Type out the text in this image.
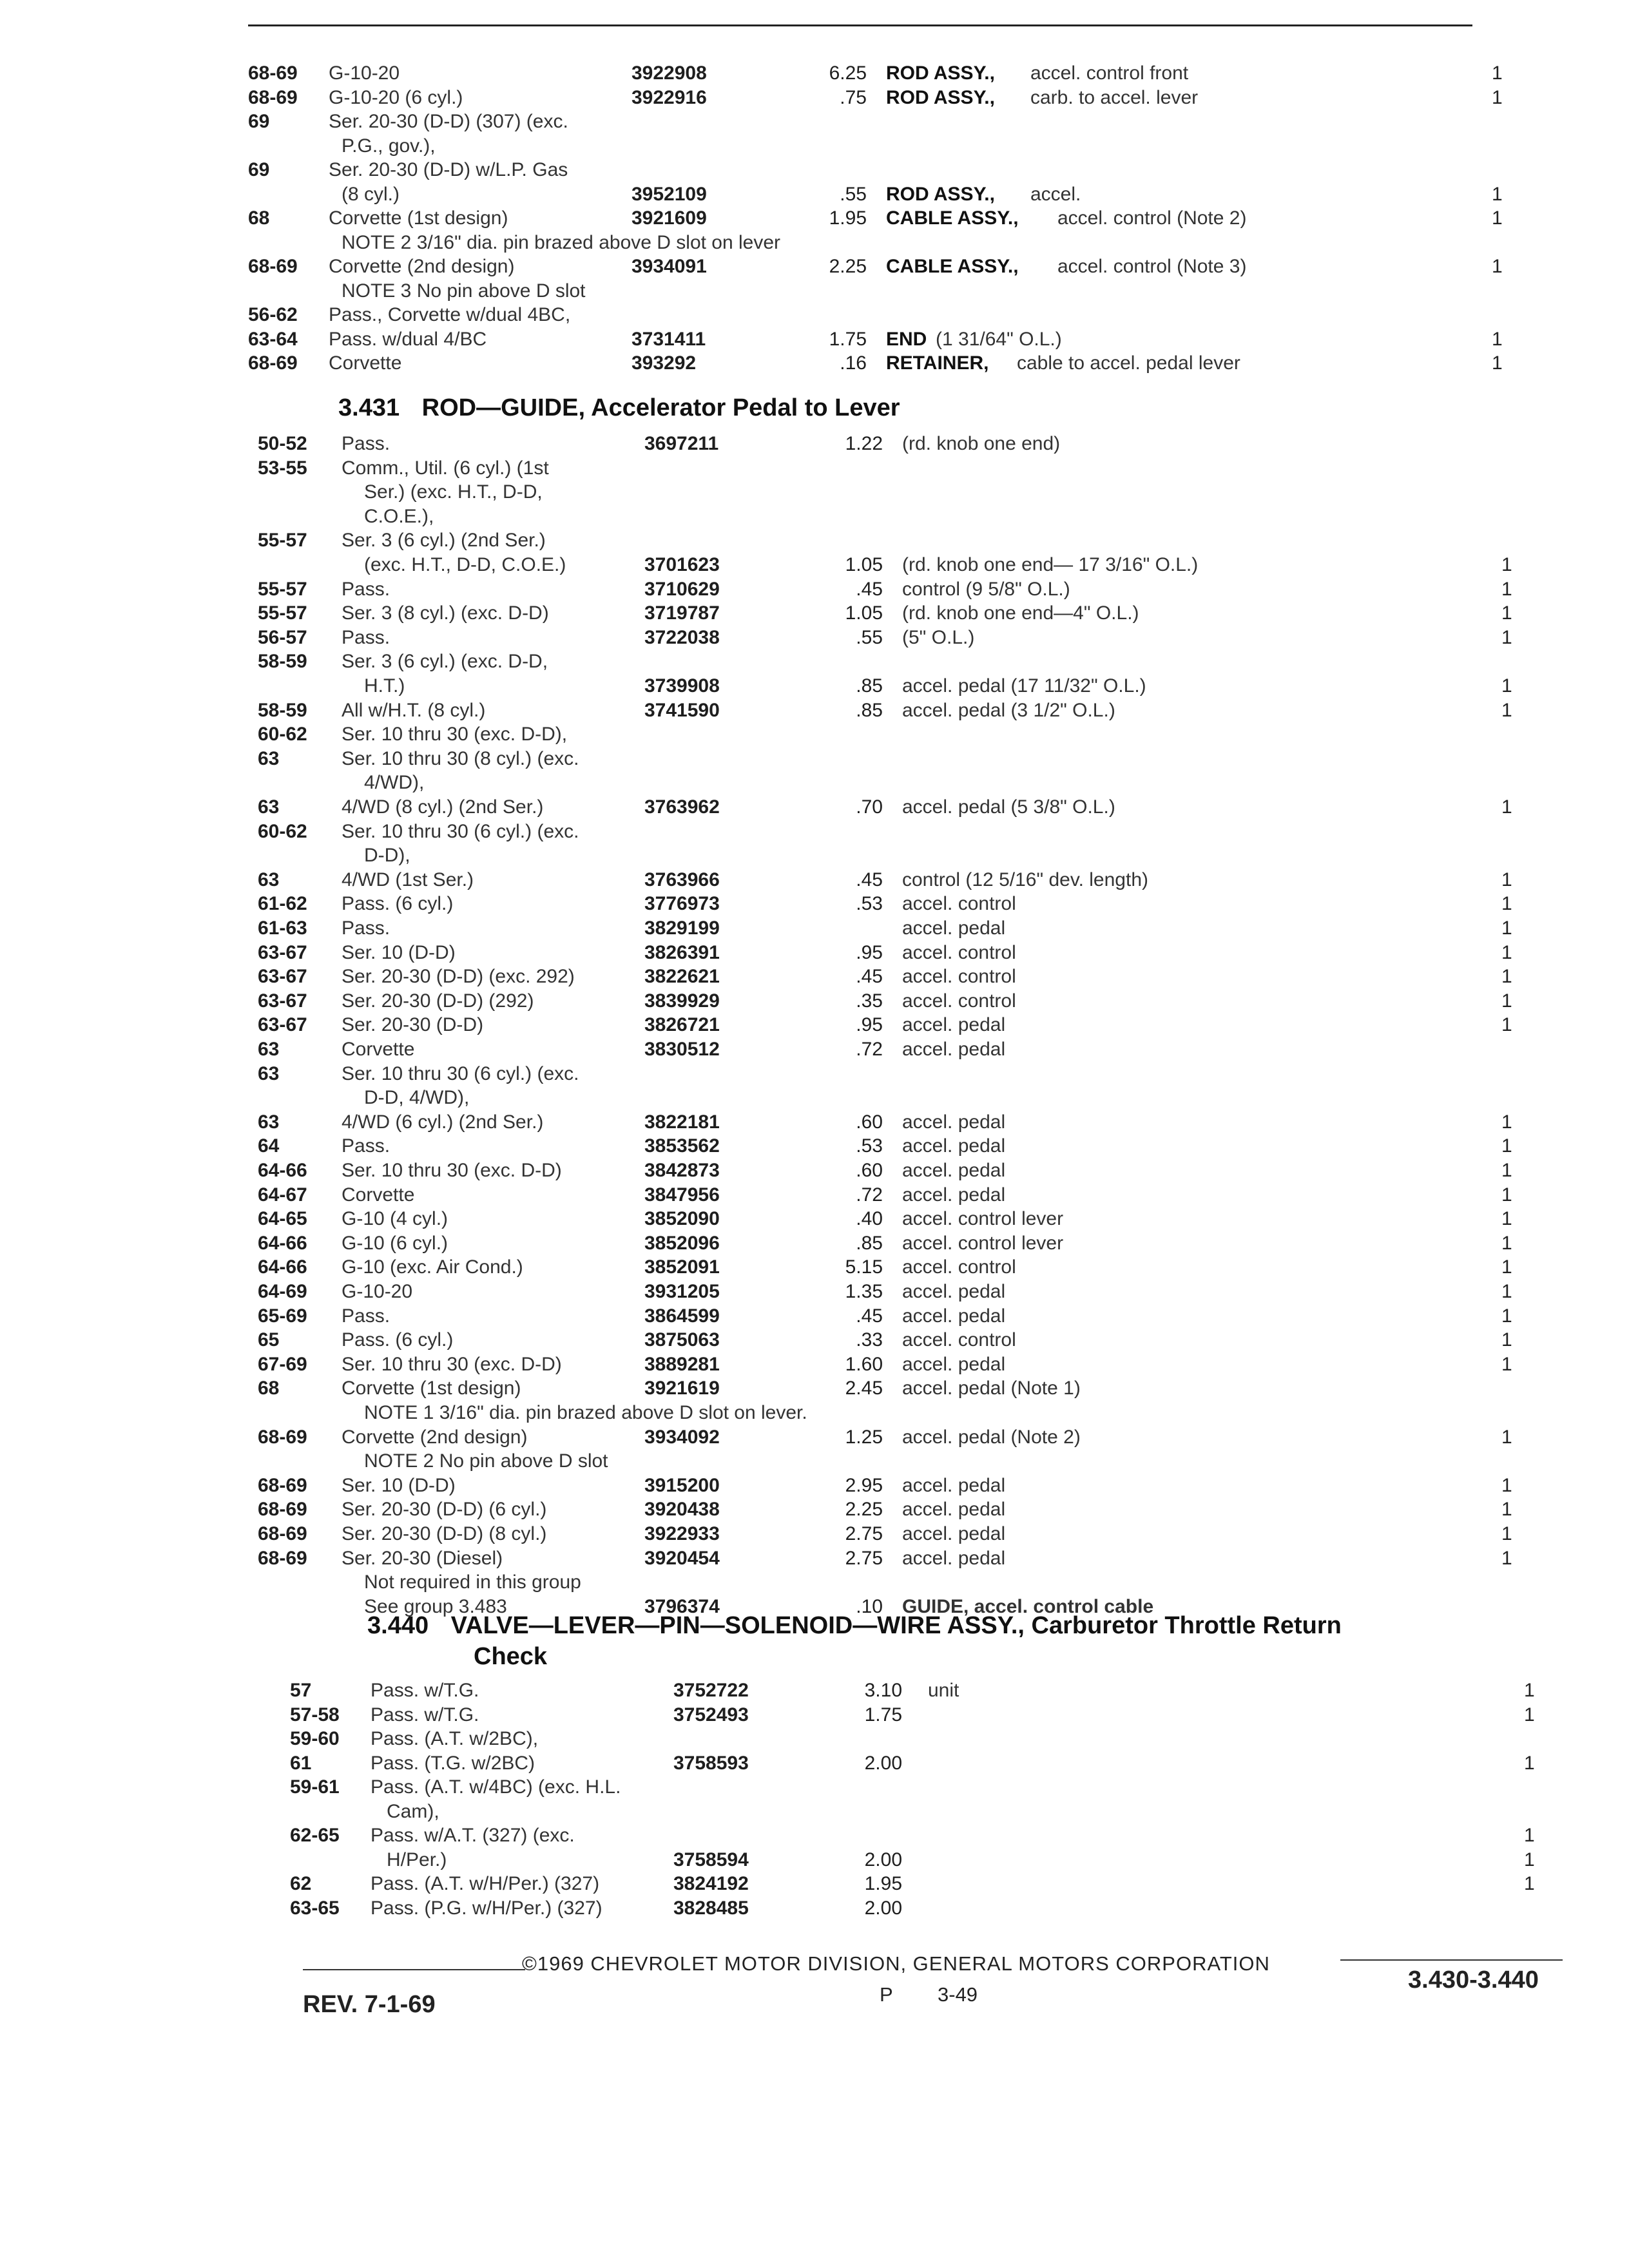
68-69 G-10-20	3922908	6.25 ROD ASSY., accel. control front	1
68-69 G-10-20 (6 cyl.)	3922916	.75 ROD ASSY., carb. to accel. lever	1
69	Ser. 20-30 (D-D) (307) (exc.
P.G., gov.),
69	Ser. 20-30 (D-D) w/L.P. Gas
(8 cyl.)	3952109	.55 ROD ASSY., accel.	1
68	Corvette (1st design)	3921609	1.95 CABLE ASSY., accel. control (Note 2)	1
NOTE 2 3/16" dia. pin brazed above D slot on lever
68-69 Corvette (2nd design)	3934091	2.25 CABLE ASSY., accel. control (Note 3)	1
NOTE 3 No pin above D slot
56-62 Pass., Corvette w/dual 4BC,
63-64 Pass. w/dual 4/BC	3731411	1.75 END (1 31/64" O.L.)	1
68-69 Corvette	393292	.16 RETAINER, cable to accel. pedal lever	1
3.431 ROD—GUIDE, Accelerator Pedal to Lever
50-52 Pass.	3697211	1.22 (rd. knob one end)
53-55 Comm., Util. (6 cyl.) (1st
Ser.) (exc. H.T., D-D,
C.O.E.),
55-57 Ser. 3 (6 cyl.) (2nd Ser.)
(exc. H.T., D-D, C.O.E.)	3701623	1.05 (rd. knob one end— 17 3/16" O.L.)	1
55-57 Pass.	3710629	.45 control (9 5/8" O.L.)	1
55-57 Ser. 3 (8 cyl.) (exc. D-D)	3719787	1.05 (rd. knob one end—4" O.L.)	1
56-57 Pass.	3722038	.55 (5" O.L.)	1
58-59 Ser. 3 (6 cyl.) (exc. D-D,
H.T.)	3739908	.85 accel. pedal (17 11/32" O.L.)	1
58-59 All w/H.T. (8 cyl.)	3741590	.85 accel. pedal (3 1/2" O.L.)	1
60-62 Ser. 10 thru 30 (exc. D-D),
63	Ser. 10 thru 30 (8 cyl.) (exc.
4/WD),
63	4/WD (8 cyl.) (2nd Ser.)	3763962	.70 accel. pedal (5 3/8" O.L.)	1
60-62 Ser. 10 thru 30 (6 cyl.) (exc.
D-D),
63	4/WD (1st Ser.)	3763966	.45 control (12 5/16" dev. length)	1
61-62 Pass. (6 cyl.)	3776973	.53 accel. control	1
61-63 Pass.	3829199	accel. pedal	1
63-67 Ser. 10 (D-D)	3826391	.95 accel. control	1
63-67 Ser. 20-30 (D-D) (exc. 292)	3822621	.45 accel. control	1
63-67 Ser. 20-30 (D-D) (292)	3839929	.35 accel. control	1
63-67 Ser. 20-30 (D-D)	3826721	.95 accel. pedal	1
63	Corvette	3830512	.72 accel. pedal
63	Ser. 10 thru 30 (6 cyl.) (exc.
D-D, 4/WD),
63	4/WD (6 cyl.) (2nd Ser.)	3822181	.60 accel. pedal	1
64	Pass.	3853562	.53 accel. pedal	1
64-66 Ser. 10 thru 30 (exc. D-D)	3842873	.60 accel. pedal	1
64-67 Corvette	3847956	.72 accel. pedal	1
64-65 G-10 (4 cyl.)	3852090	.40 accel. control lever	1
64-66 G-10 (6 cyl.)	3852096	.85 accel. control lever	1
64-66 G-10 (exc. Air Cond.)	3852091	5.15 accel. control	1
64-69 G-10-20	3931205	1.35 accel. pedal	1
65-69 Pass.	3864599	.45 accel. pedal	1
65	Pass. (6 cyl.)	3875063	.33 accel. control	1
67-69 Ser. 10 thru 30 (exc. D-D)	3889281	1.60 accel. pedal	1
68	Corvette (1st design)	3921619	2.45 accel. pedal (Note 1)
NOTE 1 3/16" dia. pin brazed above D slot on lever.
68-69 Corvette (2nd design)	3934092	1.25 accel. pedal (Note 2)	1
NOTE 2 No pin above D slot
68-69 Ser. 10 (D-D)	3915200	2.95 accel. pedal	1
68-69 Ser. 20-30 (D-D) (6 cyl.)	3920438	2.25 accel. pedal	1
68-69 Ser. 20-30 (D-D) (8 cyl.)	3922933	2.75 accel. pedal	1
68-69 Ser. 20-30 (Diesel)	3920454	2.75 accel. pedal	1
Not required in this group
See group 3.483	3796374	.10 GUIDE, accel. control cable
3.440 VALVE—LEVER—PIN—SOLENOID—WIRE ASSY., Carburetor Throttle Return
Check
57	Pass. w/T.G.	3752722	3.10 unit	1
57-58 Pass. w/T.G.	3752493	1.75	1
59-60 Pass. (A.T. w/2BC),
61	Pass. (T.G. w/2BC)	3758593	2.00	1
59-61 Pass. (A.T. w/4BC) (exc. H.L.
Cam),
62-65 Pass. w/A.T. (327) (exc.	1
H/Per.)	3758594	2.00	1
62	Pass. (A.T. w/H/Per.) (327)	3824192	1.95	1
63-65 Pass. (P.G. w/H/Per.) (327)	3828485	2.00
©1969 CHEVROLET MOTOR DIVISION, GENERAL MOTORS CORPORATION
REV. 7-1-69	P 3-49
3.430-3.440
